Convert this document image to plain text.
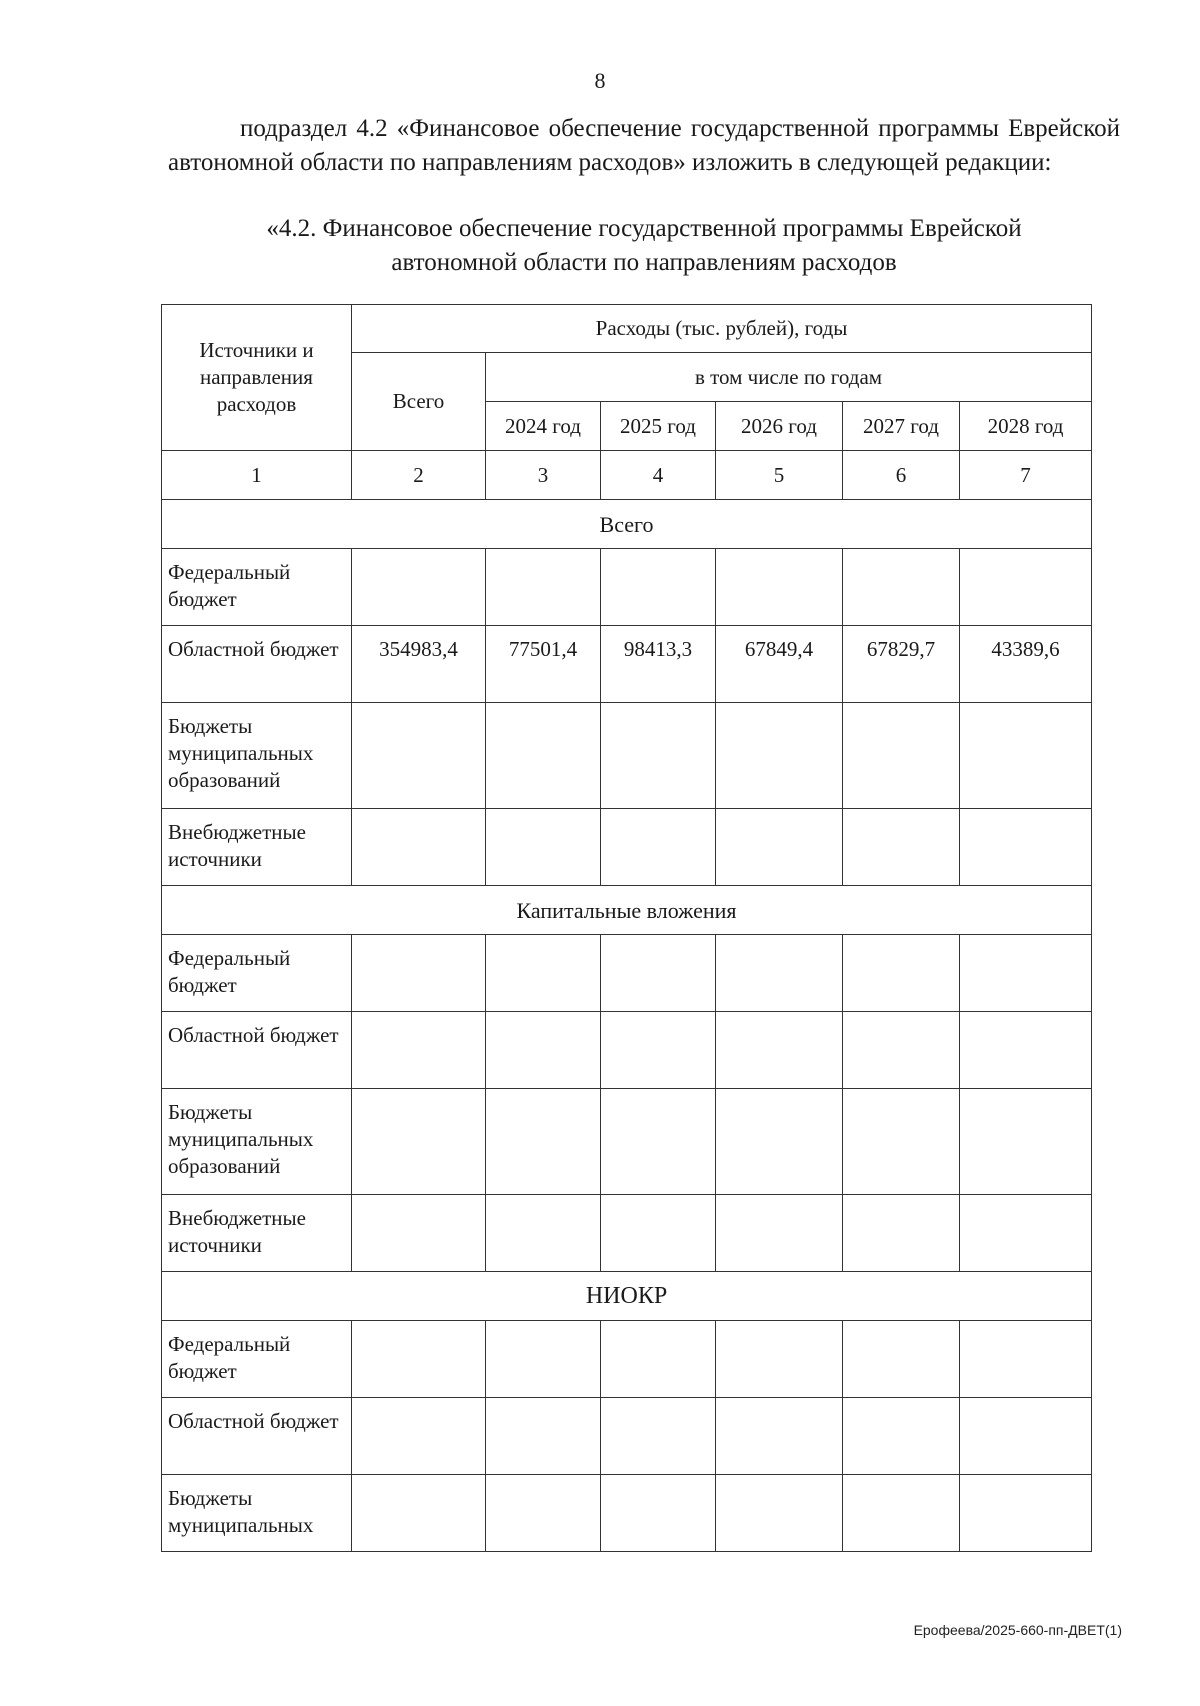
8
подраздел 4.2 «Финансовое обеспечение государственной программы Еврейской автономной области по направлениям расходов» изложить в следующей редакции:
«4.2. Финансовое обеспечение государственной программы Еврейской
автономной области по направлениям расходов
Источники и направления расходов	Расходы (тыс. рублей), годы					
	Всего	в том числе по годам				
		2024 год	2025 год	2026 год	2027 год	2028 год
1	2	3	4	5	6	7
Всего						
Федеральный бюджет						
Областной бюджет	354983,4	77501,4	98413,3	67849,4	67829,7	43389,6
Бюджеты муниципальных образований						
Внебюджетные источники						
Капитальные вложения						
Федеральный бюджет						
Областной бюджет						
Бюджеты муниципальных образований						
Внебюджетные источники						
НИОКР						
Федеральный бюджет						
Областной бюджет						
Бюджеты муниципальных						
Ерофеева/2025-660-пп-ДВЕТ(1)
